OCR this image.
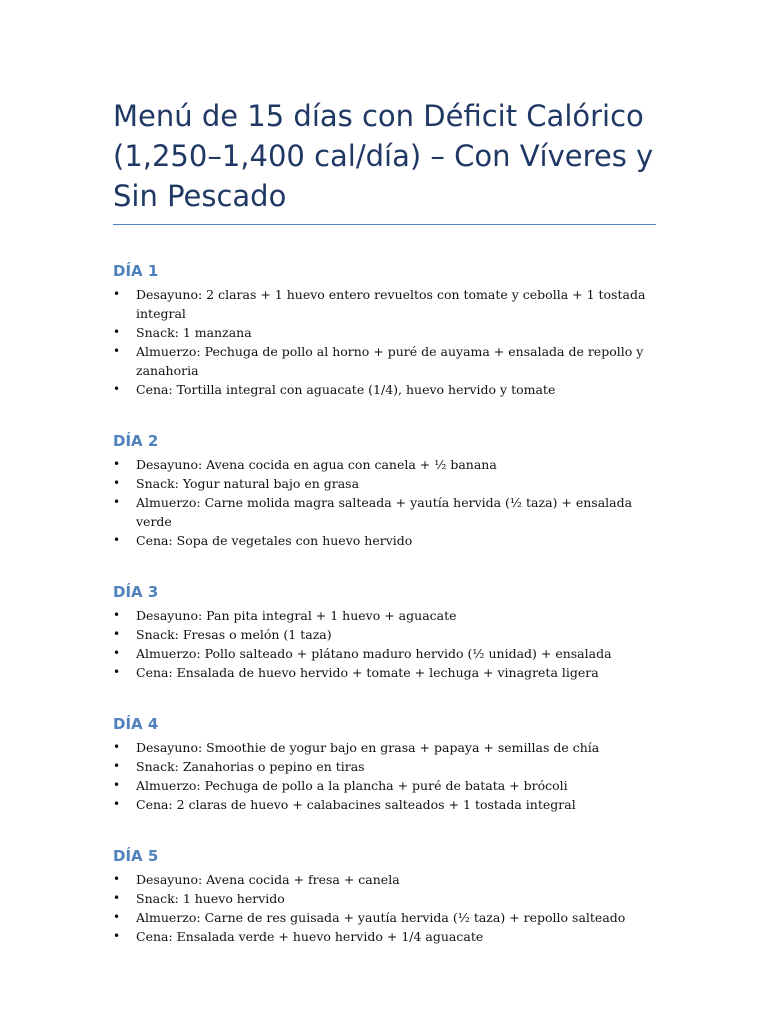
Menú de 15 días con Déficit Calórico (1,250–1,400 cal/día) – Con Víveres y Sin Pescado
DÍA 1
• Desayuno: 2 claras + 1 huevo entero revueltos con tomate y cebolla + 1 tostada integral
• Snack: 1 manzana
• Almuerzo: Pechuga de pollo al horno + puré de auyama + ensalada de repollo y zanahoria
• Cena: Tortilla integral con aguacate (1/4), huevo hervido y tomate
DÍA 2
• Desayuno: Avena cocida en agua con canela + ½ banana
• Snack: Yogur natural bajo en grasa
• Almuerzo: Carne molida magra salteada + yautía hervida (½ taza) + ensalada verde
• Cena: Sopa de vegetales con huevo hervido
DÍA 3
• Desayuno: Pan pita integral + 1 huevo + aguacate
• Snack: Fresas o melón (1 taza)
• Almuerzo: Pollo salteado + plátano maduro hervido (½ unidad) + ensalada
• Cena: Ensalada de huevo hervido + tomate + lechuga + vinagreta ligera
DÍA 4
• Desayuno: Smoothie de yogur bajo en grasa + papaya + semillas de chía
• Snack: Zanahorias o pepino en tiras
• Almuerzo: Pechuga de pollo a la plancha + puré de batata + brócoli
• Cena: 2 claras de huevo + calabacines salteados + 1 tostada integral
DÍA 5
• Desayuno: Avena cocida + fresa + canela
• Snack: 1 huevo hervido
• Almuerzo: Carne de res guisada + yautía hervida (½ taza) + repollo salteado
• Cena: Ensalada verde + huevo hervido + 1/4 aguacate
